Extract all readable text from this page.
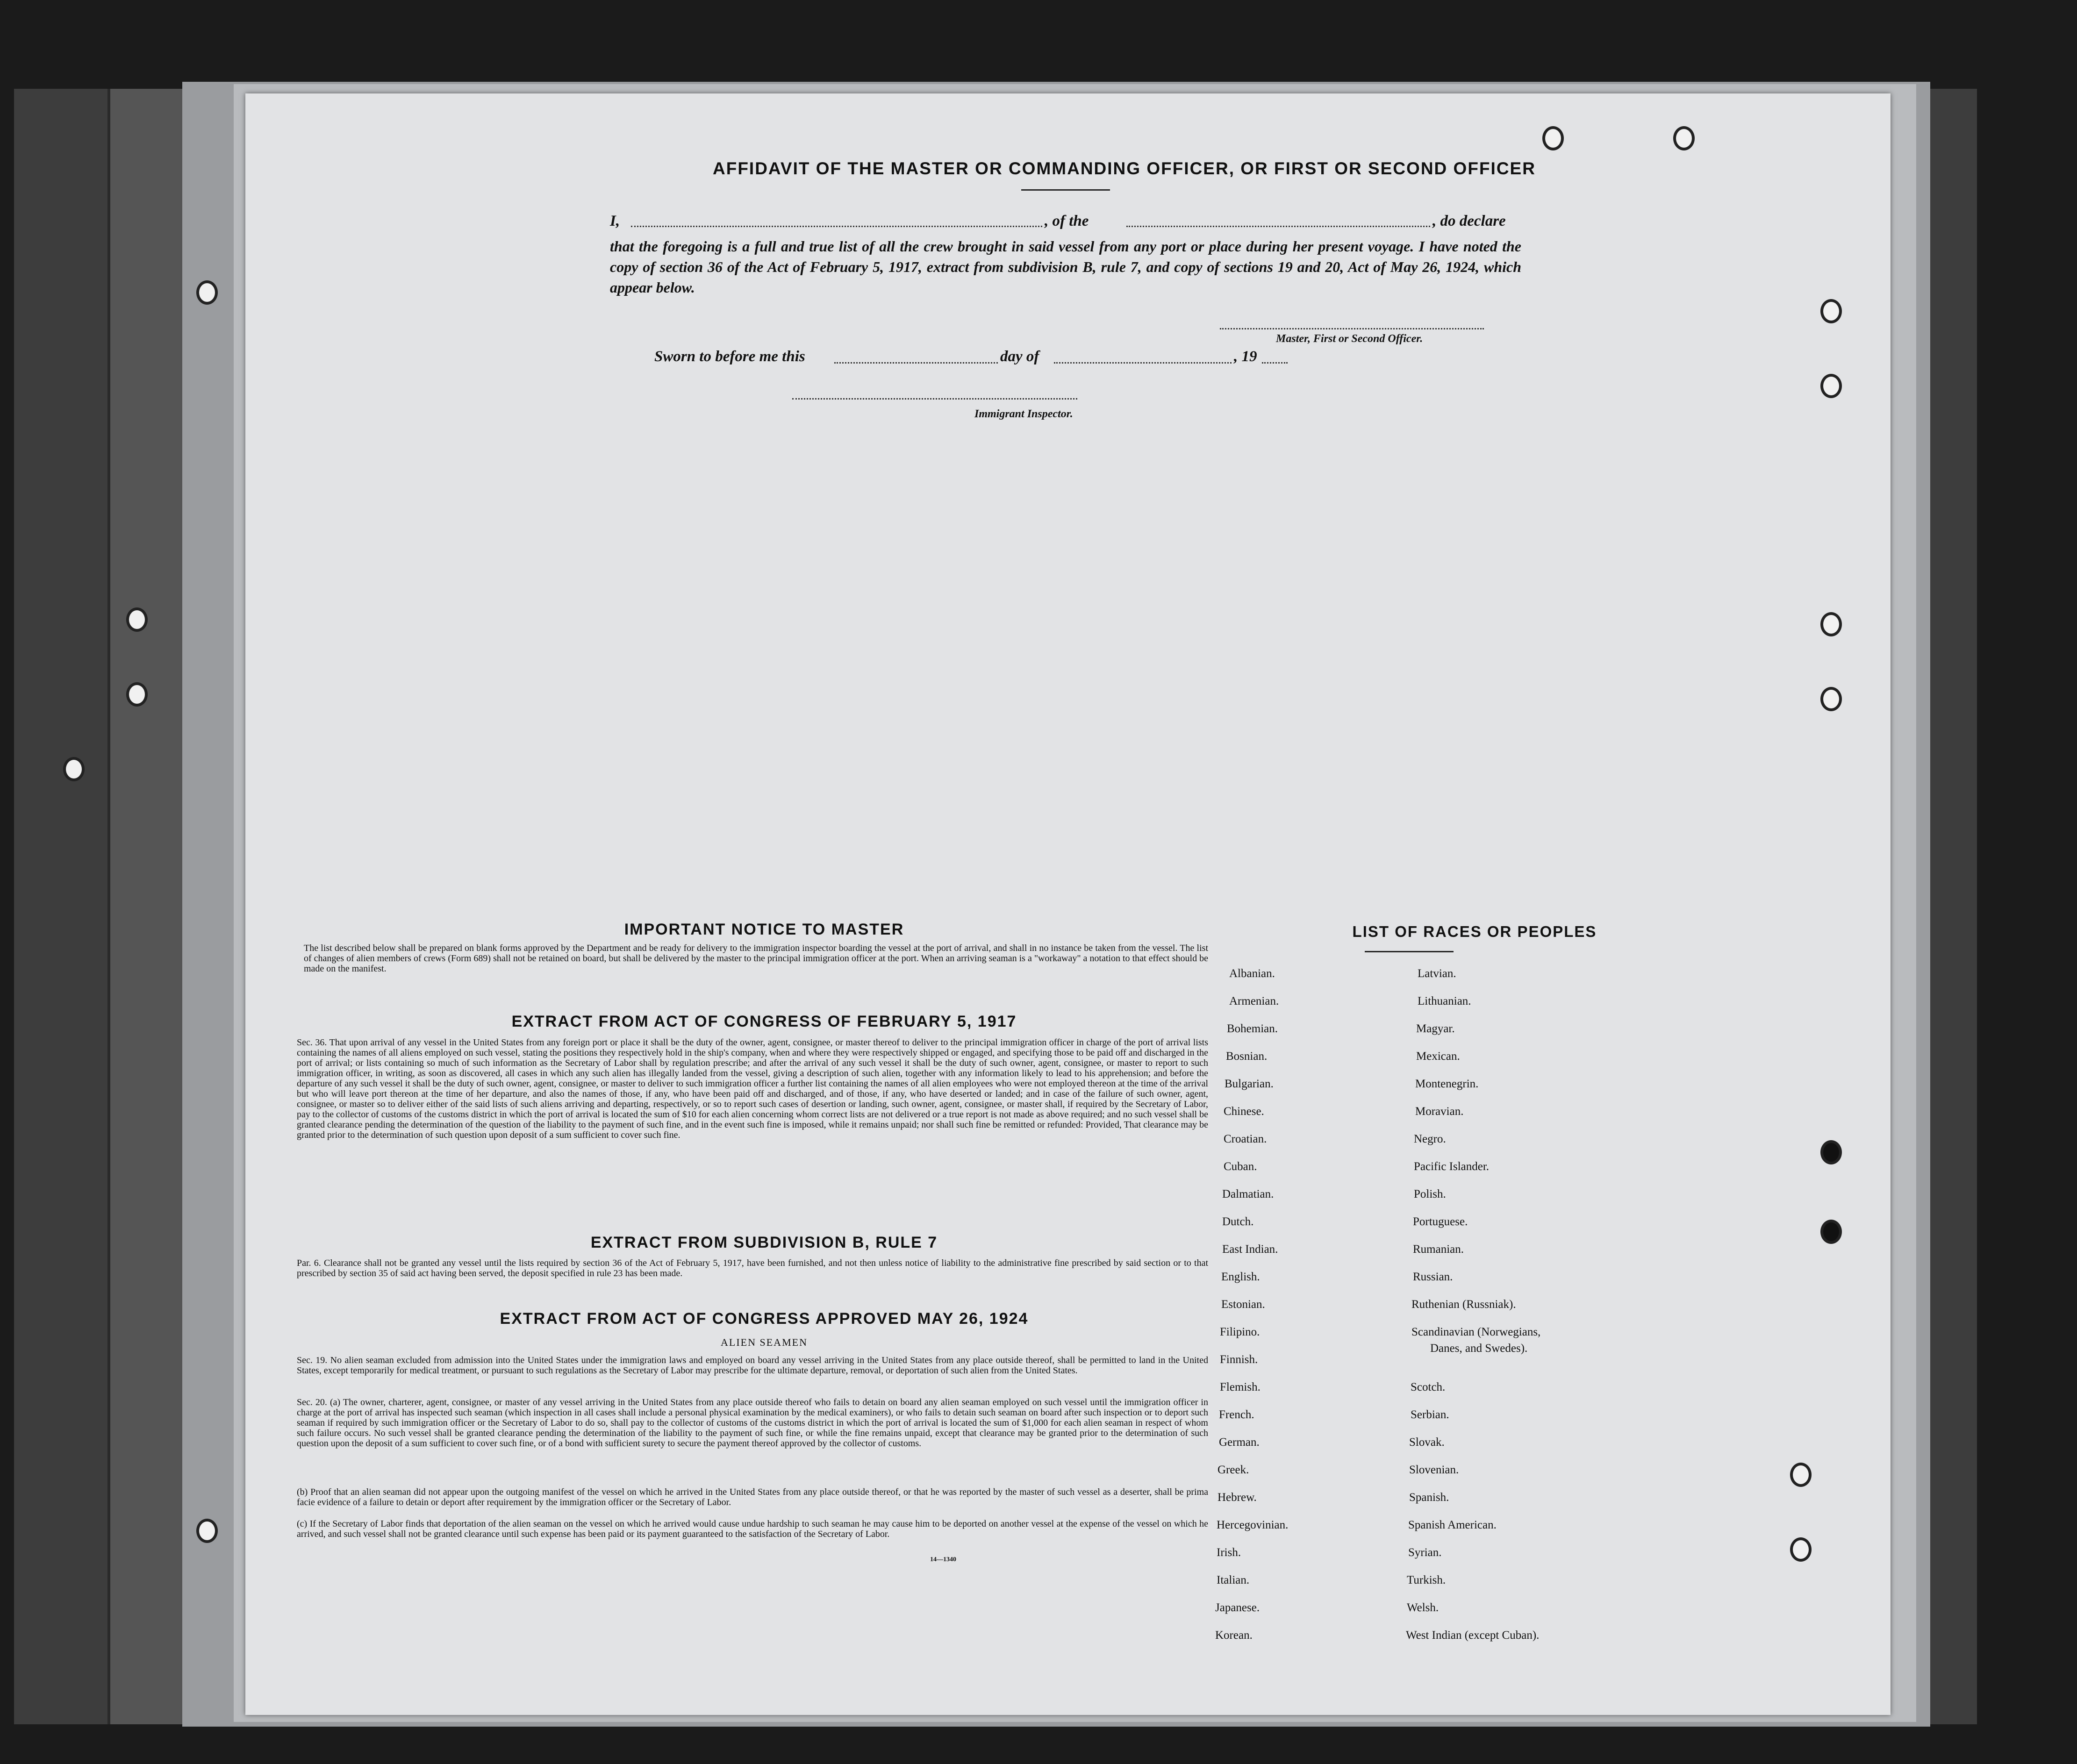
AFFIDAVIT OF THE MASTER OR COMMANDING OFFICER, OR FIRST OR SECOND OFFICER
I,	, of the	, do declare
that the foregoing is a full and true list of all the crew brought in said vessel from any port or place during her present voyage. I have noted the copy of section 36 of the Act of February 5, 1917, extract from subdivision B, rule 7, and copy of sections 19 and 20, Act of May 26, 1924, which appear below.
Master, First or Second Officer.
Sworn to before me this	day of	, 19
Immigrant Inspector.
IMPORTANT NOTICE TO MASTER
The list described below shall be prepared on blank forms approved by the Department and be ready for delivery to the immigration inspector boarding the vessel at the port of arrival, and shall in no instance be taken from the vessel. The list of changes of alien members of crews (Form 689) shall not be retained on board, but shall be delivered by the master to the principal immigration officer at the port. When an arriving seaman is a "workaway" a notation to that effect should be made on the manifest.
EXTRACT FROM ACT OF CONGRESS OF FEBRUARY 5, 1917
Sec. 36. That upon arrival of any vessel in the United States from any foreign port or place it shall be the duty of the owner, agent, consignee, or master thereof to deliver to the principal immigration officer in charge of the port of arrival lists containing the names of all aliens employed on such vessel, stating the positions they respectively hold in the ship's company, when and where they were respectively shipped or engaged, and specifying those to be paid off and discharged in the port of arrival; or lists containing so much of such information as the Secretary of Labor shall by regulation prescribe; and after the arrival of any such vessel it shall be the duty of such owner, agent, consignee, or master to report to such immigration officer, in writing, as soon as discovered, all cases in which any such alien has illegally landed from the vessel, giving a description of such alien, together with any information likely to lead to his apprehension; and before the departure of any such vessel it shall be the duty of such owner, agent, consignee, or master to deliver to such immigration officer a further list containing the names of all alien employees who were not employed thereon at the time of the arrival but who will leave port thereon at the time of her departure, and also the names of those, if any, who have been paid off and discharged, and of those, if any, who have deserted or landed; and in case of the failure of such owner, agent, consignee, or master so to deliver either of the said lists of such aliens arriving and departing, respectively, or so to report such cases of desertion or landing, such owner, agent, consignee, or master shall, if required by the Secretary of Labor, pay to the collector of customs of the customs district in which the port of arrival is located the sum of $10 for each alien concerning whom correct lists are not delivered or a true report is not made as above required; and no such vessel shall be granted clearance pending the determination of the question of the liability to the payment of such fine, and in the event such fine is imposed, while it remains unpaid; nor shall such fine be remitted or refunded: Provided, That clearance may be granted prior to the determination of such question upon deposit of a sum sufficient to cover such fine.
EXTRACT FROM SUBDIVISION B, RULE 7
Par. 6. Clearance shall not be granted any vessel until the lists required by section 36 of the Act of February 5, 1917, have been furnished, and not then unless notice of liability to the administrative fine prescribed by said section or to that prescribed by section 35 of said act having been served, the deposit specified in rule 23 has been made.
EXTRACT FROM ACT OF CONGRESS APPROVED MAY 26, 1924
ALIEN SEAMEN
Sec. 19. No alien seaman excluded from admission into the United States under the immigration laws and employed on board any vessel arriving in the United States from any place outside thereof, shall be permitted to land in the United States, except temporarily for medical treatment, or pursuant to such regulations as the Secretary of Labor may prescribe for the ultimate departure, removal, or deportation of such alien from the United States.
Sec. 20. (a) The owner, charterer, agent, consignee, or master of any vessel arriving in the United States from any place outside thereof who fails to detain on board any alien seaman employed on such vessel until the immigration officer in charge at the port of arrival has inspected such seaman (which inspection in all cases shall include a personal physical examination by the medical examiners), or who fails to detain such seaman on board after such inspection or to deport such seaman if required by such immigration officer or the Secretary of Labor to do so, shall pay to the collector of customs of the customs district in which the port of arrival is located the sum of $1,000 for each alien seaman in respect of whom such failure occurs. No such vessel shall be granted clearance pending the determination of the liability to the payment of such fine, or while the fine remains unpaid, except that clearance may be granted prior to the determination of such question upon the deposit of a sum sufficient to cover such fine, or of a bond with sufficient surety to secure the payment thereof approved by the collector of customs.
(b) Proof that an alien seaman did not appear upon the outgoing manifest of the vessel on which he arrived in the United States from any place outside thereof, or that he was reported by the master of such vessel as a deserter, shall be prima facie evidence of a failure to detain or deport after requirement by the immigration officer or the Secretary of Labor.
(c) If the Secretary of Labor finds that deportation of the alien seaman on the vessel on which he arrived would cause undue hardship to such seaman he may cause him to be deported on another vessel at the expense of the vessel on which he arrived, and such vessel shall not be granted clearance until such expense has been paid or its payment guaranteed to the satisfaction of the Secretary of Labor.
14—1340
LIST OF RACES OR PEOPLES
Albanian.
Armenian.
Bohemian.
Bosnian.
Bulgarian.
Chinese.
Croatian.
Cuban.
Dalmatian.
Dutch.
East Indian.
English.
Estonian.
Filipino.
Finnish.
Flemish.
French.
German.
Greek.
Hebrew.
Hercegovinian.
Irish.
Italian.
Japanese.
Korean.
Latvian.
Lithuanian.
Magyar.
Mexican.
Montenegrin.
Moravian.
Negro.
Pacific Islander.
Polish.
Portuguese.
Rumanian.
Russian.
Ruthenian (Russniak).
Scandinavian (Norwegians,
Danes, and Swedes).
Scotch.
Serbian.
Slovak.
Slovenian.
Spanish.
Spanish American.
Syrian.
Turkish.
Welsh.
West Indian (except Cuban).
